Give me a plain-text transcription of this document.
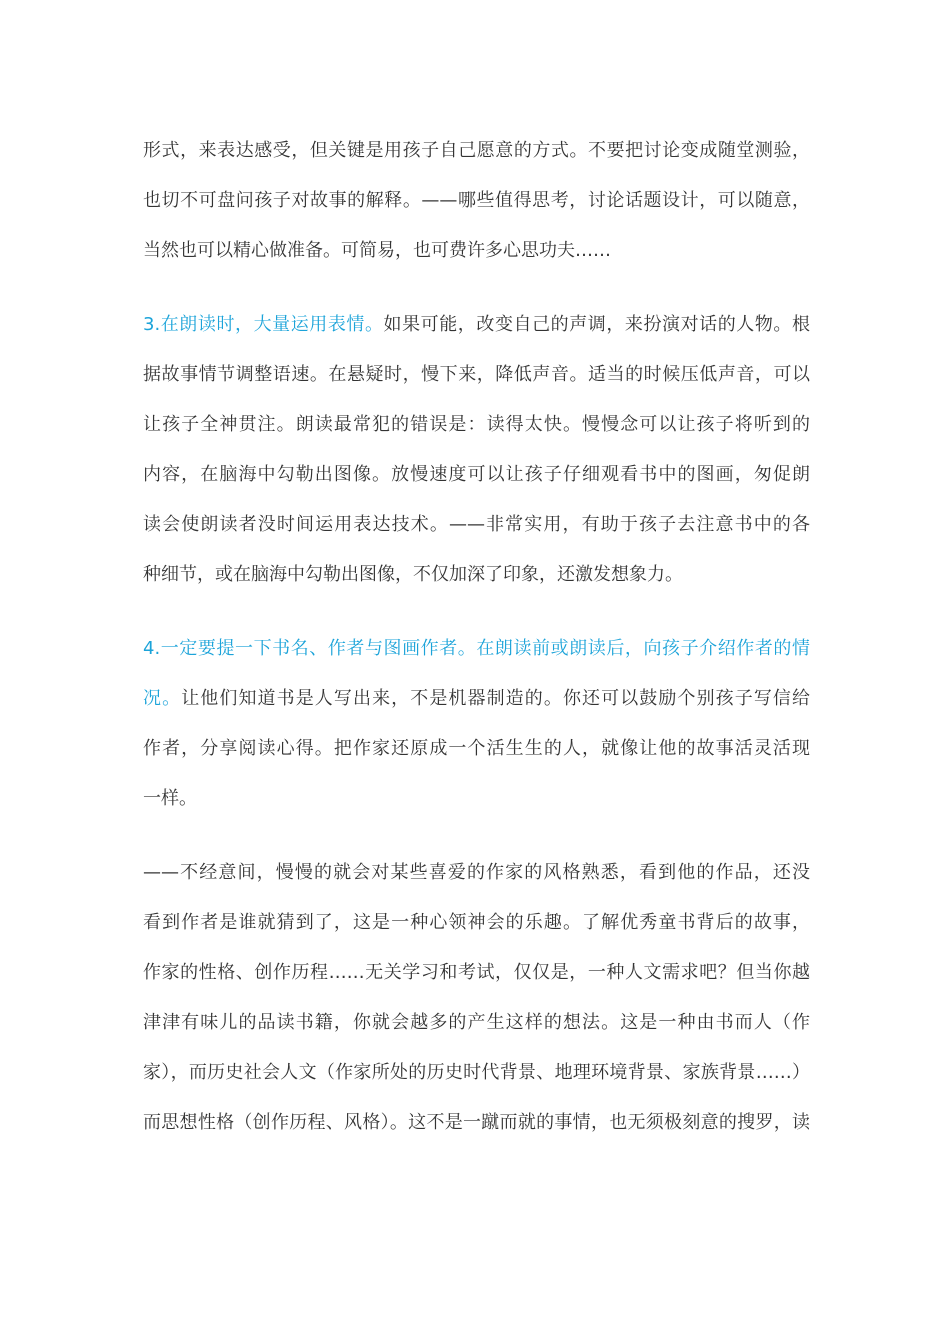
形式，来表达感受，但关键是用孩子自己愿意的方式。不要把讨论变成随堂测验，
也切不可盘问孩子对故事的解释。——哪些值得思考，讨论话题设计，可以随意，
当然也可以精心做准备。可简易，也可费许多心思功夫……

3.在朗读时，大量运用表情。如果可能，改变自己的声调，来扮演对话的人物。根
据故事情节调整语速。在悬疑时，慢下来，降低声音。适当的时候压低声音，可以
让孩子全神贯注。朗读最常犯的错误是：读得太快。慢慢念可以让孩子将听到的
内容，在脑海中勾勒出图像。放慢速度可以让孩子仔细观看书中的图画，匆促朗
读会使朗读者没时间运用表达技术。——非常实用，有助于孩子去注意书中的各
种细节，或在脑海中勾勒出图像，不仅加深了印象，还激发想象力。

4.一定要提一下书名、作者与图画作者。在朗读前或朗读后，向孩子介绍作者的情
况。让他们知道书是人写出来，不是机器制造的。你还可以鼓励个别孩子写信给
作者，分享阅读心得。把作家还原成一个活生生的人，就像让他的故事活灵活现
一样。

——不经意间，慢慢的就会对某些喜爱的作家的风格熟悉，看到他的作品，还没
看到作者是谁就猜到了，这是一种心领神会的乐趣。了解优秀童书背后的故事，
作家的性格、创作历程……无关学习和考试，仅仅是，一种人文需求吧？但当你越
津津有味儿的品读书籍，你就会越多的产生这样的想法。这是一种由书而人（作
家），而历史社会人文（作家所处的历史时代背景、地理环境背景、家族背景……）
而思想性格（创作历程、风格）。这不是一蹴而就的事情，也无须极刻意的搜罗，读
